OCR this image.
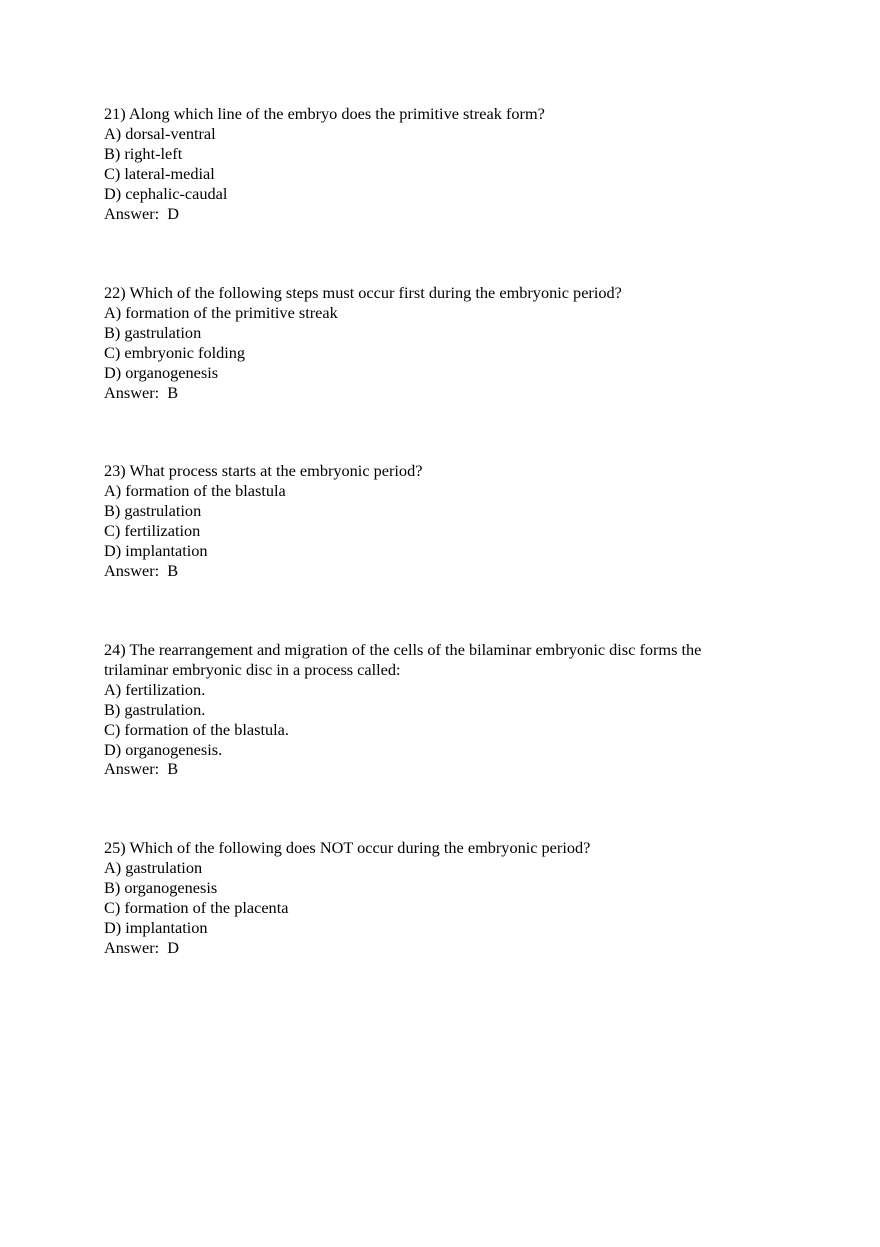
21) Along which line of the embryo does the primitive streak form?
A) dorsal-ventral
B) right-left
C) lateral-medial
D) cephalic-caudal
Answer: D
22) Which of the following steps must occur first during the embryonic period?
A) formation of the primitive streak
B) gastrulation
C) embryonic folding
D) organogenesis
Answer: B
23) What process starts at the embryonic period?
A) formation of the blastula
B) gastrulation
C) fertilization
D) implantation
Answer: B
24) The rearrangement and migration of the cells of the bilaminar embryonic disc forms the
trilaminar embryonic disc in a process called:
A) fertilization.
B) gastrulation.
C) formation of the blastula.
D) organogenesis.
Answer: B
25) Which of the following does NOT occur during the embryonic period?
A) gastrulation
B) organogenesis
C) formation of the placenta
D) implantation
Answer: D
